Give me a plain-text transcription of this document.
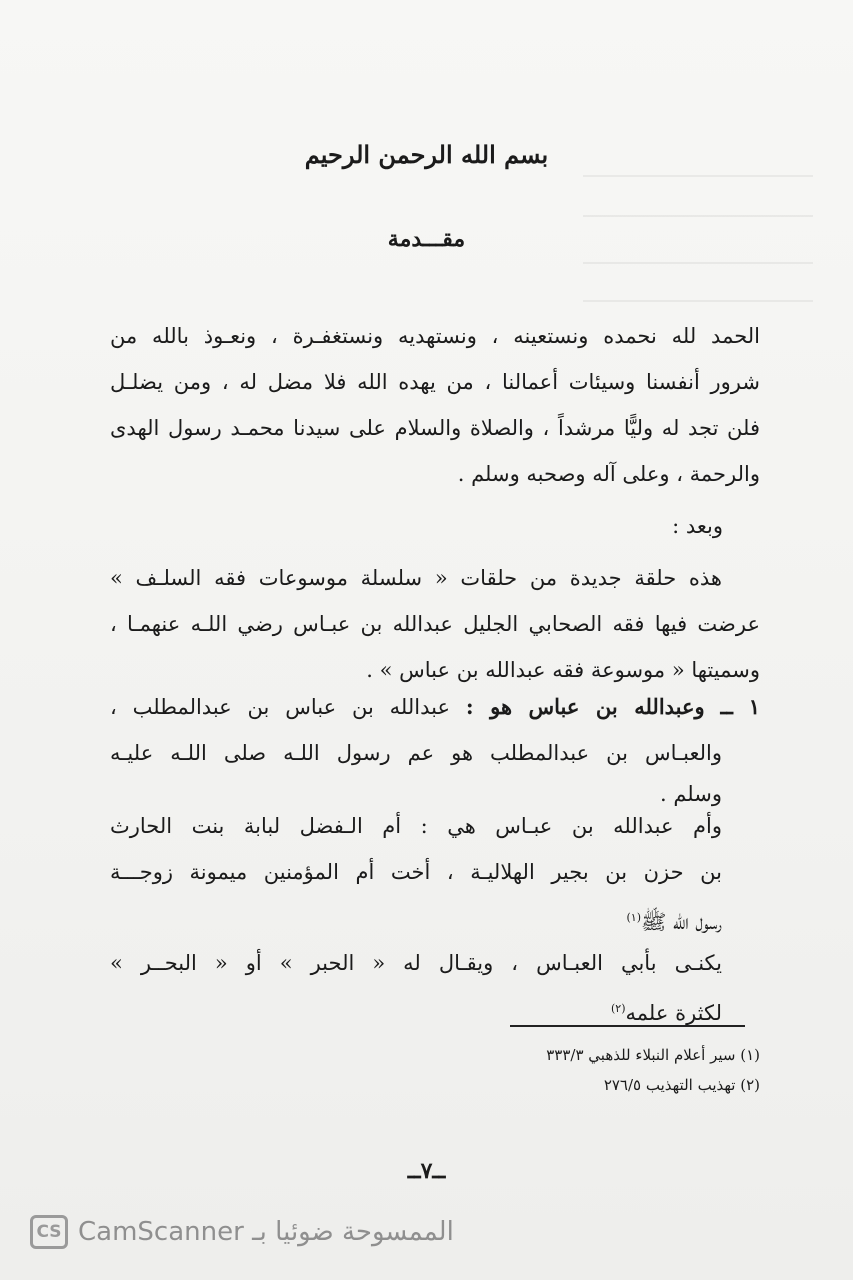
بسم الله الرحمن الرحيم
مقـــدمة
الحمد لله نحمده ونستعينه ، ونستهديه ونستغفـرة ، ونعـوذ بالله من
شرور أنفسنا وسيئات أعمالنا ، من يهده الله فلا مضل له ، ومن يضلـل
فلن تجد له وليًّا مرشداً ، والصلاة والسلام على سيدنا محمـد رسول الهدى
والرحمة ، وعلى آله وصحبه وسلم .
وبعد :
هذه حلقة جديدة من حلقات « سلسلة موسوعات فقه السلـف »
عرضت فيها فقه الصحابي الجليل عبدالله بن عبـاس رضي اللـه عنهمـا ،
وسميتها « موسوعة فقه عبدالله بن عباس » .
١ ــ وعبدالله بن عباس هو : عبدالله بن عباس بن عبدالمطلب ،
والعبـاس بن عبدالمطلب هو عم رسول اللـه صلى اللـه عليـه
وسلم .
وأم عبدالله بن عبـاس هي : أم الـفضل لبابة بنت الحارث
بن حزن بن بجير الهلاليـة ، أخت أم المؤمنين ميمونة زوجـــة
رسول الله ﷺ$^{(١)}$
يكنـى بأبي العبـاس ، ويقـال له « الحبر » أو « البحــر »
لكثرة علمه$^{(٢)}$
(١) سير أعلام النبلاء للذهبي ٣٣٣/٣
(٢) تهذيب التهذيب ٢٧٦/٥
ــ٧ــ
CS CamScanner الممسوحة ضوئيا بـ
